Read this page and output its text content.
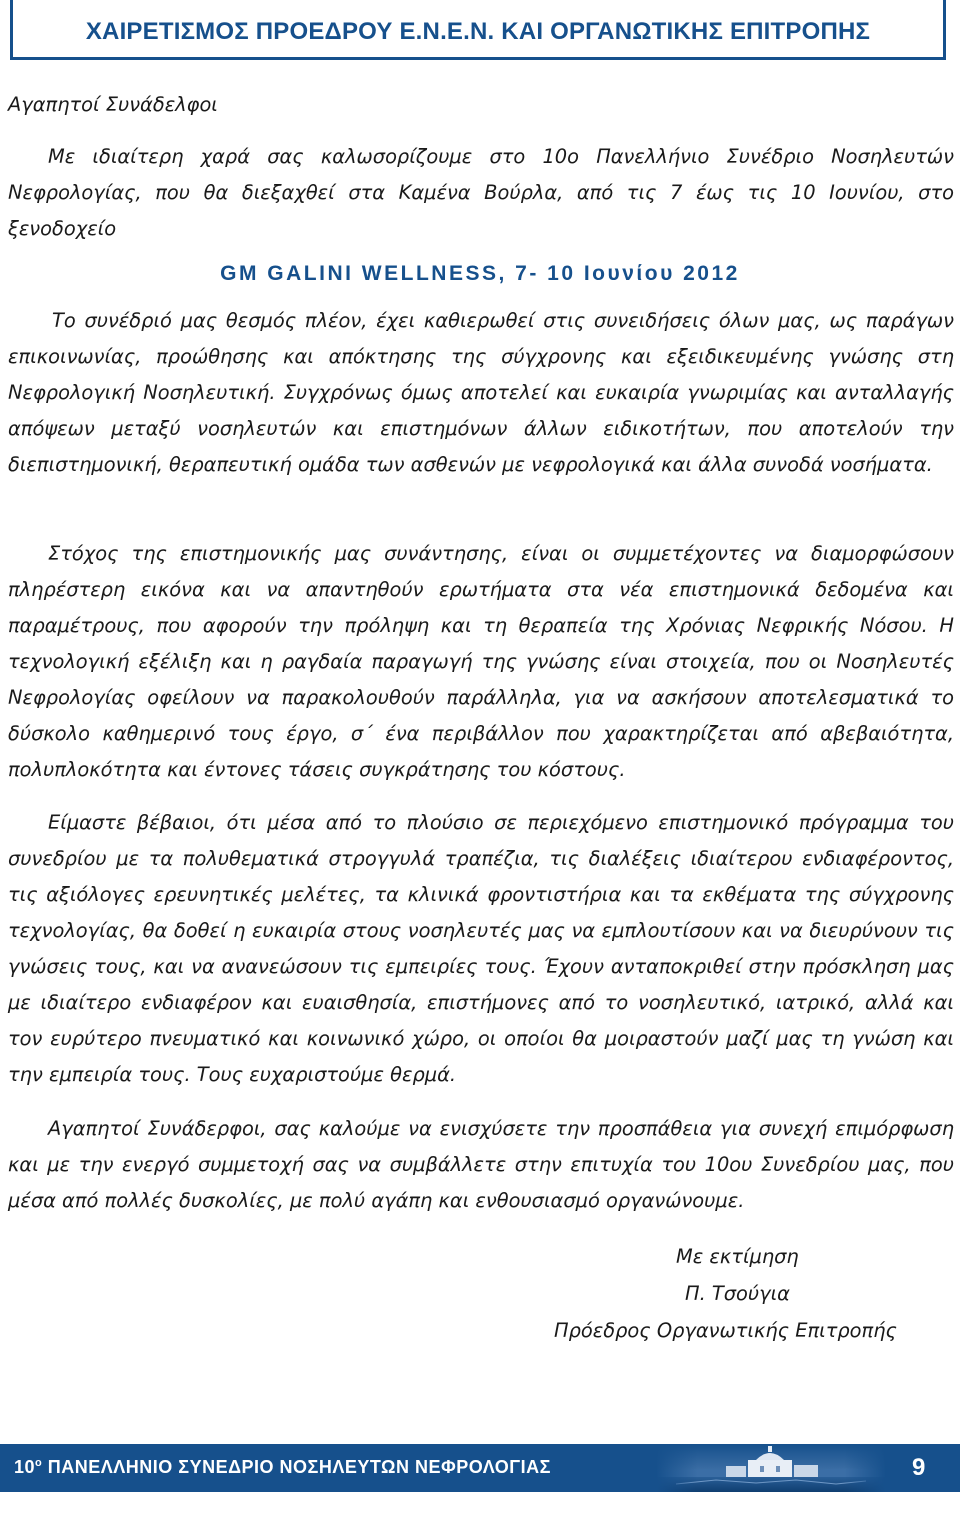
ΧΑΙΡΕΤΙΣΜΟΣ ΠΡΟΕΔΡΟΥ Ε.Ν.Ε.Ν. ΚΑΙ ΟΡΓΑΝΩΤΙΚΗΣ ΕΠΙΤΡΟΠΗΣ
Αγαπητοί Συνάδελφοι
Με ιδιαίτερη χαρά σας καλωσορίζουμε στο 10ο Πανελλήνιο Συνέδριο Νοσηλευτών Νεφρολογίας, που θα διεξαχθεί στα Καμένα Βούρλα, από τις 7 έως τις 10 Ιουνίου, στο ξενοδοχείο
GM GALINI WELLNESS, 7- 10 Ιουνίου 2012
Το συνέδριό μας θεσμός πλέον, έχει καθιερωθεί στις συνειδήσεις όλων μας, ως παράγων επικοινωνίας, προώθησης και απόκτησης της σύγχρονης και εξειδικευμένης γνώσης στη Νεφρολογική Νοσηλευτική. Συγχρόνως όμως αποτελεί και ευκαιρία γνωριμίας και ανταλλαγής απόψεων μεταξύ νοσηλευτών και επιστημόνων άλλων ειδικοτήτων, που αποτελούν την διεπιστημονική, θεραπευτική ομάδα των ασθενών με νεφρολογικά και άλλα συνοδά νοσήματα.
Στόχος της επιστημονικής μας συνάντησης, είναι οι συμμετέχοντες να διαμορφώσουν πληρέστερη εικόνα και να απαντηθούν ερωτήματα στα νέα επιστημονικά δεδομένα και παραμέτρους, που αφορούν την πρόληψη και τη θεραπεία της Χρόνιας Νεφρικής Νόσου. Η τεχνολογική εξέλιξη και η ραγδαία παραγωγή της γνώσης είναι στοιχεία, που οι Νοσηλευτές Νεφρολογίας οφείλουν να παρακολουθούν παράλληλα, για να ασκήσουν αποτελεσματικά το δύσκολο καθημερινό τους έργο, σ΄ ένα περιβάλλον που χαρακτηρίζεται από αβεβαιότητα, πολυπλοκότητα και έντονες τάσεις συγκράτησης του κόστους.
Είμαστε βέβαιοι, ότι μέσα από το πλούσιο σε περιεχόμενο επιστημονικό πρόγραμμα του συνεδρίου με τα πολυθεματικά στρογγυλά τραπέζια, τις διαλέξεις ιδιαίτερου ενδιαφέροντος, τις αξιόλογες ερευνητικές μελέτες, τα κλινικά φροντιστήρια και τα εκθέματα της σύγχρονης τεχνολογίας, θα δοθεί η ευκαιρία στους νοσηλευτές μας να εμπλουτίσουν και να διευρύνουν τις γνώσεις τους, και να ανανεώσουν τις εμπειρίες τους. Έχουν ανταποκριθεί στην πρόσκληση μας με ιδιαίτερο ενδιαφέρον και ευαισθησία, επιστήμονες από το νοσηλευτικό, ιατρικό, αλλά και τον ευρύτερο πνευματικό και κοινωνικό χώρο, οι οποίοι θα μοιραστούν μαζί μας τη γνώση και την εμπειρία τους. Τους ευχαριστούμε θερμά.
Αγαπητοί Συνάδερφοι, σας καλούμε να ενισχύσετε την προσπάθεια για συνεχή επιμόρφωση και με την ενεργό συμμετοχή σας να συμβάλλετε στην επιτυχία του 10ου Συνεδρίου μας, που μέσα από πολλές δυσκολίες, με πολύ αγάπη και ενθουσιασμό οργανώνουμε.
Με εκτίμηση
Π. Τσούγια
Πρόεδρος Οργανωτικής Επιτροπής
$10^o$ ΠΑΝΕΛΛΗΝΙΟ ΣΥΝΕΔΡΙΟ ΝΟΣΗΛΕΥΤΩΝ ΝΕΦΡΟΛΟΓΙΑΣ	9
